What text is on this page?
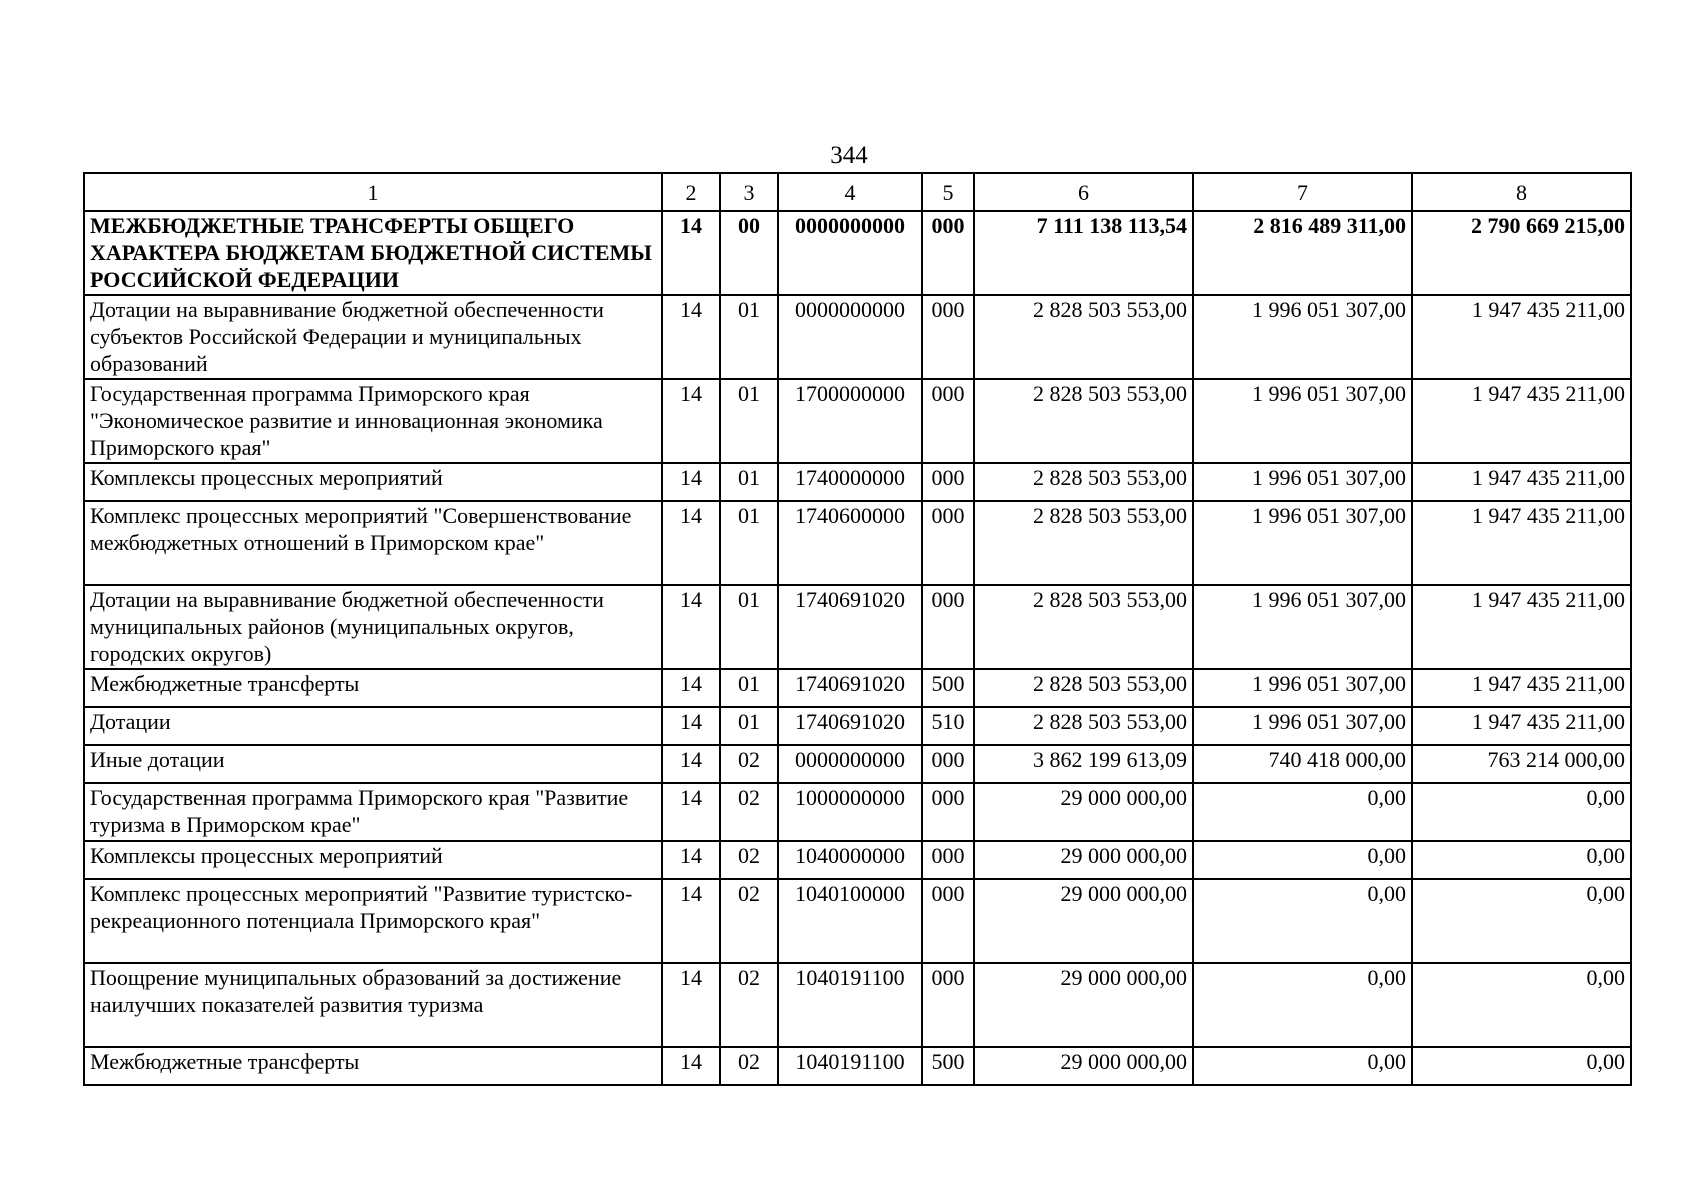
344
1	2	3	4	5	6	7	8
МЕЖБЮДЖЕТНЫЕ ТРАНСФЕРТЫ ОБЩЕГО ХАРАКТЕРА БЮДЖЕТАМ БЮДЖЕТНОЙ СИСТЕМЫ РОССИЙСКОЙ ФЕДЕРАЦИИ	14	00	0000000000	000	7 111 138 113,54	2 816 489 311,00	2 790 669 215,00
Дотации на выравнивание бюджетной обеспеченности субъектов Российской Федерации и муниципальных образований	14	01	0000000000	000	2 828 503 553,00	1 996 051 307,00	1 947 435 211,00
Государственная программа Приморского края "Экономическое развитие и инновационная экономика Приморского края"	14	01	1700000000	000	2 828 503 553,00	1 996 051 307,00	1 947 435 211,00
Комплексы процессных мероприятий	14	01	1740000000	000	2 828 503 553,00	1 996 051 307,00	1 947 435 211,00
Комплекс процессных мероприятий "Совершенствование межбюджетных отношений в Приморском крае"	14	01	1740600000	000	2 828 503 553,00	1 996 051 307,00	1 947 435 211,00
Дотации на выравнивание бюджетной обеспеченности муниципальных районов (муниципальных округов, городских округов)	14	01	1740691020	000	2 828 503 553,00	1 996 051 307,00	1 947 435 211,00
Межбюджетные трансферты	14	01	1740691020	500	2 828 503 553,00	1 996 051 307,00	1 947 435 211,00
Дотации	14	01	1740691020	510	2 828 503 553,00	1 996 051 307,00	1 947 435 211,00
Иные дотации	14	02	0000000000	000	3 862 199 613,09	740 418 000,00	763 214 000,00
Государственная программа Приморского края "Развитие туризма в Приморском крае"	14	02	1000000000	000	29 000 000,00	0,00	0,00
Комплексы процессных мероприятий	14	02	1040000000	000	29 000 000,00	0,00	0,00
Комплекс процессных мероприятий "Развитие туристско-рекреационного потенциала Приморского края"	14	02	1040100000	000	29 000 000,00	0,00	0,00
Поощрение муниципальных образований за достижение наилучших показателей развития туризма	14	02	1040191100	000	29 000 000,00	0,00	0,00
Межбюджетные трансферты	14	02	1040191100	500	29 000 000,00	0,00	0,00
